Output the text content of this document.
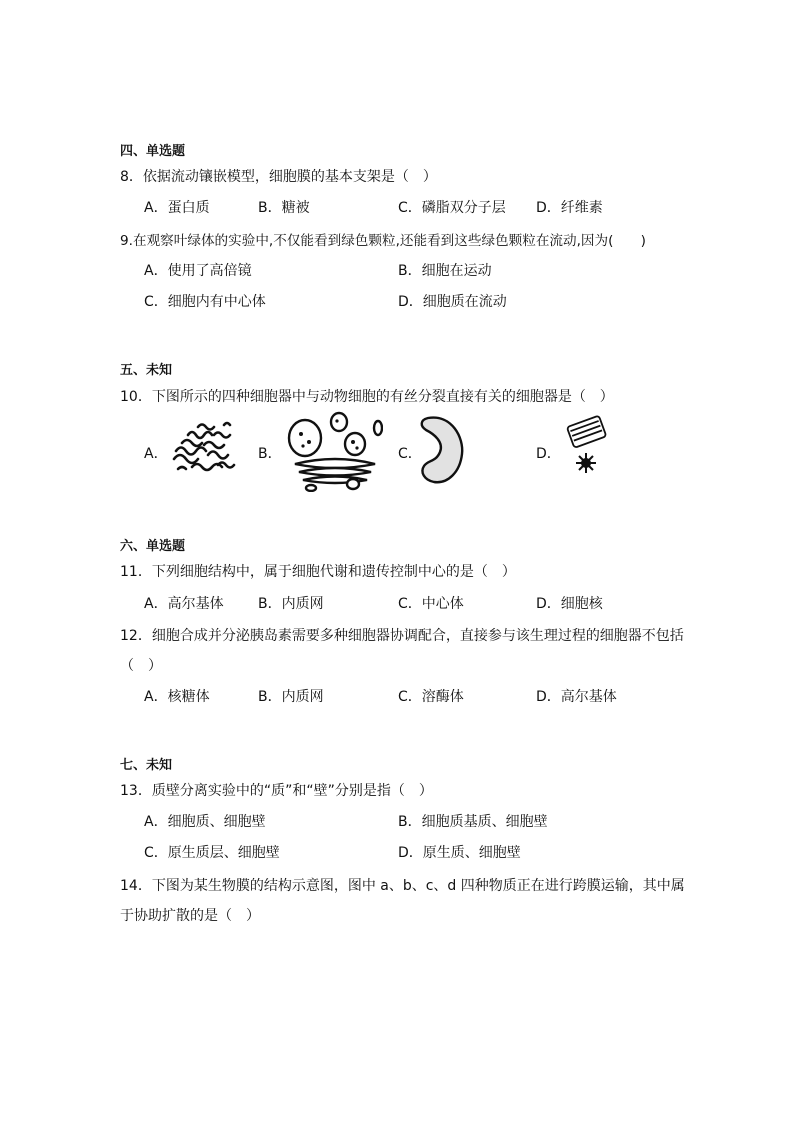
四、单选题
8．依据流动镶嵌模型，细胞膜的基本支架是（　）
A．蛋白质	B．糖被	C．磷脂双分子层 D．纤维素
9.在观察叶绿体的实验中,不仅能看到绿色颗粒,还能看到这些绿色颗粒在流动,因为(　　)
A．使用了高倍镜	B．细胞在运动
C．细胞内有中心体	D．细胞质在流动
五、未知
10．下图所示的四种细胞器中与动物细胞的有丝分裂直接有关的细胞器是（　）
A．	B．	C．	D．
六、单选题
11．下列细胞结构中，属于细胞代谢和遗传控制中心的是（　）
A．高尔基体 B．内质网	C．中心体	D．细胞核
12．细胞合成并分泌胰岛素需要多种细胞器协调配合，直接参与该生理过程的细胞器不包括
（　）
A．核糖体	B．内质网	C．溶酶体	D．高尔基体
七、未知
13．质壁分离实验中的“质”和“壁”分别是指（　）
A．细胞质、细胞壁	B．细胞质基质、细胞壁
C．原生质层、细胞壁	D．原生质、细胞壁
14．下图为某生物膜的结构示意图，图中 a、b、c、d 四种物质正在进行跨膜运输，其中属
于协助扩散的是（　）
